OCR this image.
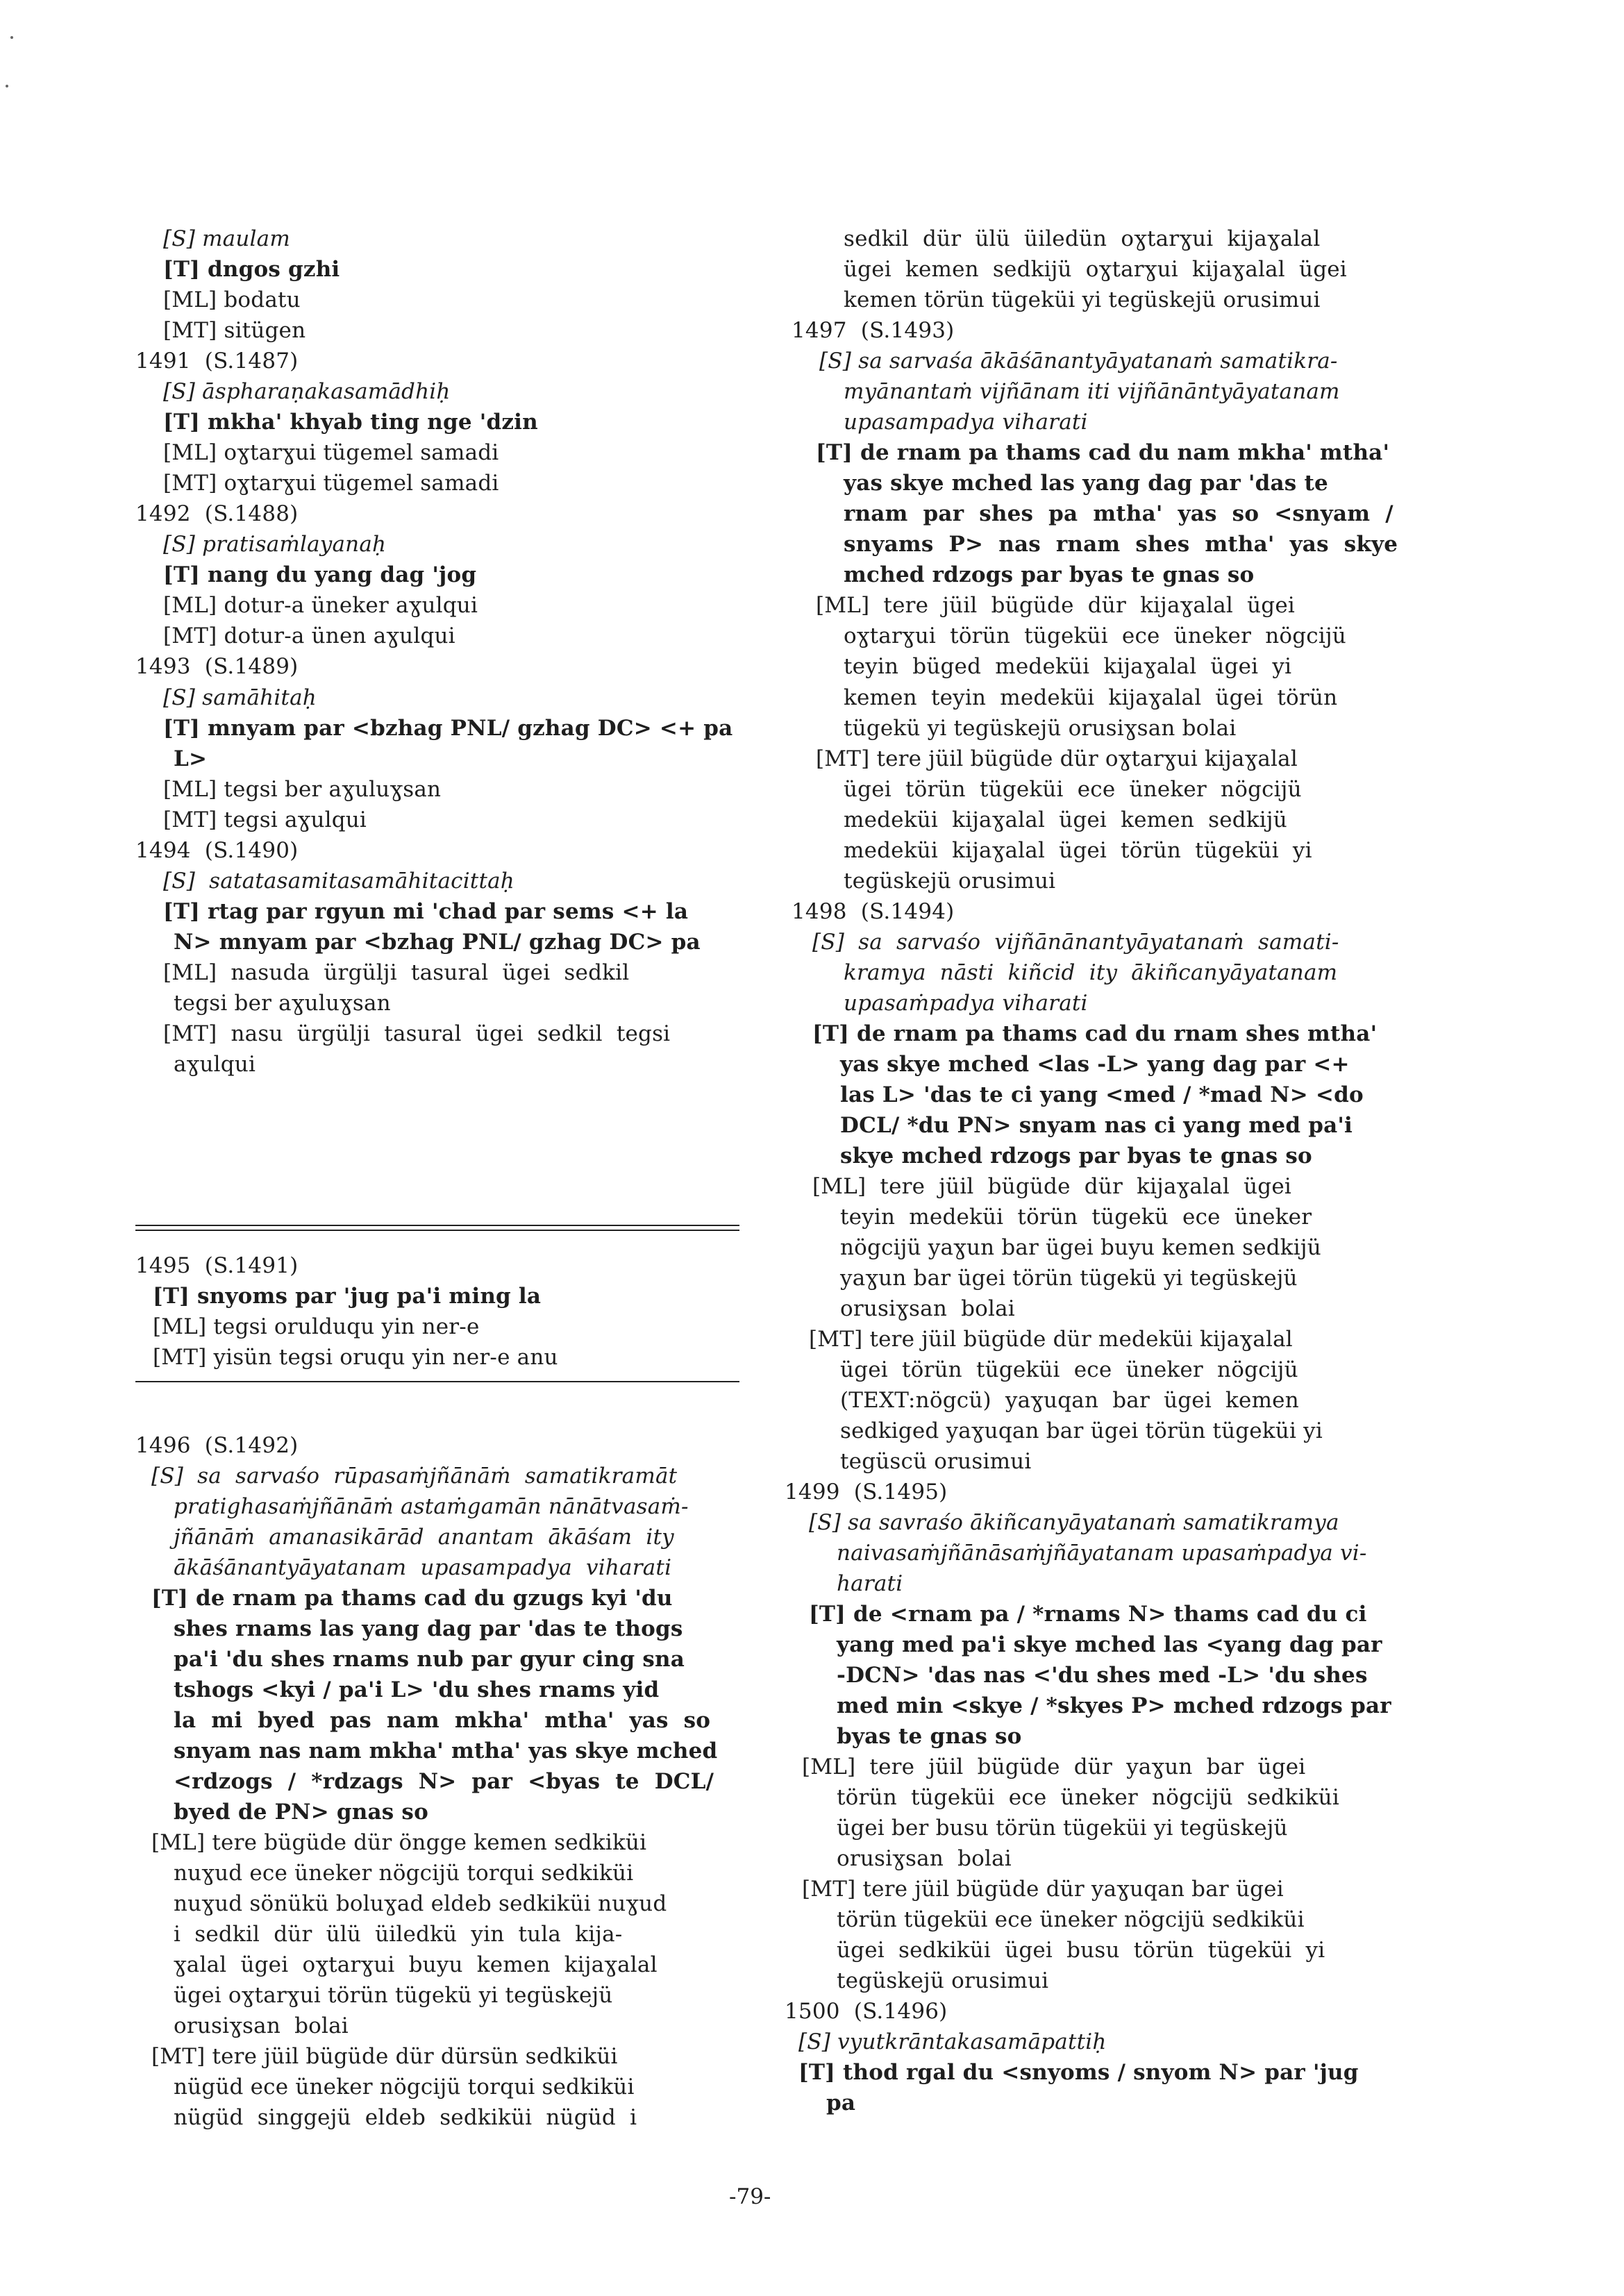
[S] maulam
[T] dngos gzhi
[ML] bodatu
[MT] sitügen
1491  (S.1487)
[S] āspharaṇakasamādhiḥ
[T] mkha' khyab ting nge 'dzin
[ML] oɣtarɣui tügemel samadi
[MT] oɣtarɣui tügemel samadi
1492  (S.1488)
[S] pratisaṁlayanaḥ
[T] nang du yang dag 'jog
[ML] dotur-a üneker aɣulqui
[MT] dotur-a ünen aɣulqui
1493  (S.1489)
[S] samāhitaḥ
[T] mnyam par <bzhag PNL/ gzhag DC> <+ pa
L>
[ML] tegsi ber aɣuluɣsan
[MT] tegsi aɣulqui
1494  (S.1490)
[S]  satatasamitasamāhitacittaḥ
[T] rtag par rgyun mi 'chad par sems <+ la
N> mnyam par <bzhag PNL/ gzhag DC> pa
[ML]  nasuda  ürgülji  tasural  ügei  sedkil
tegsi ber aɣuluɣsan
[MT]  nasu  ürgülji  tasural  ügei  sedkil  tegsi
aɣulqui
1495  (S.1491)
[T] snyoms par 'jug pa'i ming la
[ML] tegsi orulduqu yin ner-e
[MT] yisün tegsi oruqu yin ner-e anu
1496  (S.1492)
[S]  sa  sarvaśo  rūpasaṁjñānāṁ  samatikramāt
pratighasaṁjñānāṁ astaṁgamān nānātvasaṁ-
jñānāṁ  amanasikārād  anantam  ākāśam  ity
ākāśānantyāyatanam  upasampadya  viharati
[T] de rnam pa thams cad du gzugs kyi 'du
shes rnams las yang dag par 'das te thogs
pa'i 'du shes rnams nub par gyur cing sna
tshogs <kyi / pa'i L> 'du shes rnams yid
la  mi  byed  pas  nam  mkha'  mtha'  yas  so
snyam nas nam mkha' mtha' yas skye mched
<rdzogs  /  *rdzags  N>  par  <byas  te  DCL/
byed de PN> gnas so
[ML] tere bügüde dür öngge kemen sedkiküi
nuɣud ece üneker nögcijü torqui sedkiküi
nuɣud sönükü boluɣad eldeb sedkiküi nuɣud
i  sedkil  dür  ülü  üiledkü  yin  tula  kija-
ɣalal  ügei  oɣtarɣui  buyu  kemen  kijaɣalal
ügei oɣtarɣui törün tügekü yi tegüskejü
orusiɣsan  bolai
[MT] tere jüil bügüde dür dürsün sedkiküi
nügüd ece üneker nögcijü torqui sedkiküi
nügüd  singgejü  eldeb  sedkiküi  nügüd  i
sedkil  dür  ülü  üiledün  oɣtarɣui  kijaɣalal
ügei  kemen  sedkijü  oɣtarɣui  kijaɣalal  ügei
kemen törün tügeküi yi tegüskejü orusimui
1497  (S.1493)
[S] sa sarvaśa ākāśānantyāyatanaṁ samatikra-
myānantaṁ vijñānam iti vijñānāntyāyatanam
upasampadya viharati
[T] de rnam pa thams cad du nam mkha' mtha'
yas skye mched las yang dag par 'das te
rnam  par  shes  pa  mtha'  yas  so  <snyam  /
snyams  P>  nas  rnam  shes  mtha'  yas  skye
mched rdzogs par byas te gnas so
[ML]  tere  jüil  bügüde  dür  kijaɣalal  ügei
oɣtarɣui  törün  tügeküi  ece  üneker  nögcijü
teyin  büged  medeküi  kijaɣalal  ügei  yi
kemen  teyin  medeküi  kijaɣalal  ügei  törün
tügekü yi tegüskejü orusiɣsan bolai
[MT] tere jüil bügüde dür oɣtarɣui kijaɣalal
ügei  törün  tügeküi  ece  üneker  nögcijü
medeküi  kijaɣalal  ügei  kemen  sedkijü
medeküi  kijaɣalal  ügei  törün  tügeküi  yi
tegüskejü orusimui
1498  (S.1494)
[S]  sa  sarvaśo  vijñānānantyāyatanaṁ  samati-
kramya  nāsti  kiñcid  ity  ākiñcanyāyatanam
upasaṁpadya viharati
[T] de rnam pa thams cad du rnam shes mtha'
yas skye mched <las -L> yang dag par <+
las L> 'das te ci yang <med / *mad N> <do
DCL/ *du PN> snyam nas ci yang med pa'i
skye mched rdzogs par byas te gnas so
[ML]  tere  jüil  bügüde  dür  kijaɣalal  ügei
teyin  medeküi  törün  tügekü  ece  üneker
nögcijü yaɣun bar ügei buyu kemen sedkijü
yaɣun bar ügei törün tügekü yi tegüskejü
orusiɣsan  bolai
[MT] tere jüil bügüde dür medeküi kijaɣalal
ügei  törün  tügeküi  ece  üneker  nögcijü
(TEXT:nögcü)  yaɣuqan  bar  ügei  kemen
sedkiged yaɣuqan bar ügei törün tügeküi yi
tegüscü orusimui
1499  (S.1495)
[S] sa savraśo ākiñcanyāyatanaṁ samatikramya
naivasaṁjñānāsaṁjñāyatanam upasaṁpadya vi-
harati
[T] de <rnam pa / *rnams N> thams cad du ci
yang med pa'i skye mched las <yang dag par
-DCN> 'das nas <'du shes med -L> 'du shes
med min <skye / *skyes P> mched rdzogs par
byas te gnas so
[ML]  tere  jüil  bügüde  dür  yaɣun  bar  ügei
törün  tügeküi  ece  üneker  nögcijü  sedkiküi
ügei ber busu törün tügeküi yi tegüskejü
orusiɣsan  bolai
[MT] tere jüil bügüde dür yaɣuqan bar ügei
törün tügeküi ece üneker nögcijü sedkiküi
ügei  sedkiküi  ügei  busu  törün  tügeküi  yi
tegüskejü orusimui
1500  (S.1496)
[S] vyutkrāntakasamāpattiḥ
[T] thod rgal du <snyoms / snyom N> par 'jug
pa
-79-
